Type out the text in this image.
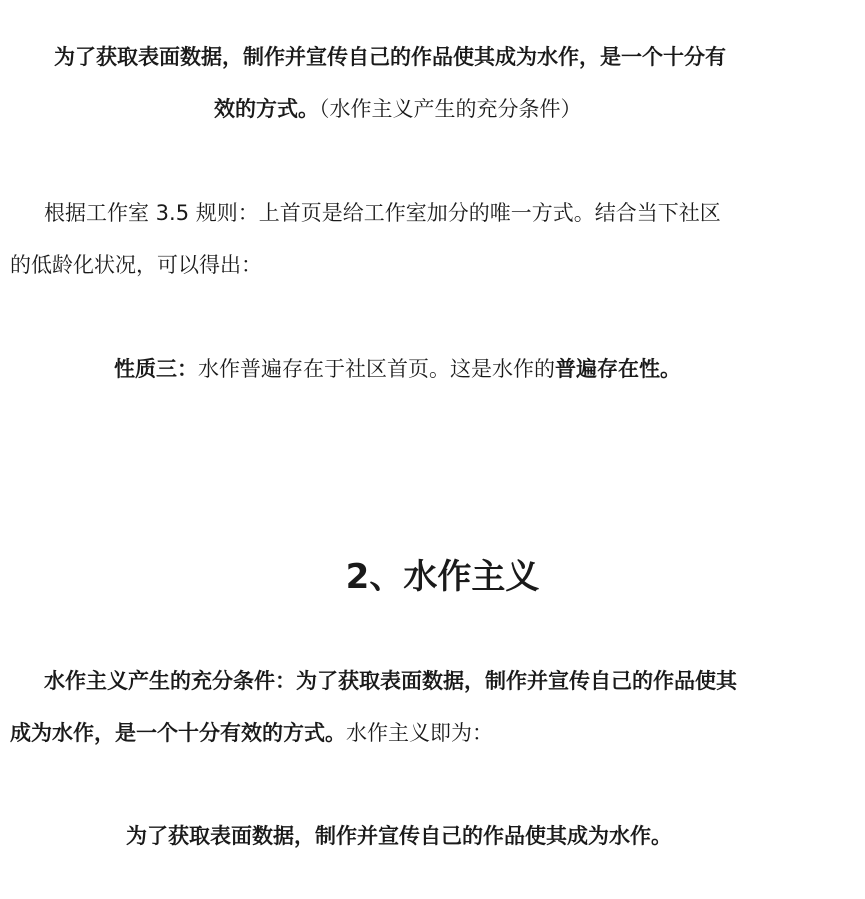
为了获取表面数据，制作并宣传自己的作品使其成为水作，是一个十分有
效的方式。（水作主义产生的充分条件）
根据工作室 3.5 规则：上首页是给工作室加分的唯一方式。结合当下社区
的低龄化状况，可以得出：
性质三：水作普遍存在于社区首页。这是水作的普遍存在性。
2、水作主义
水作主义产生的充分条件：为了获取表面数据，制作并宣传自己的作品使其
成为水作，是一个十分有效的方式。水作主义即为：
为了获取表面数据，制作并宣传自己的作品使其成为水作。
